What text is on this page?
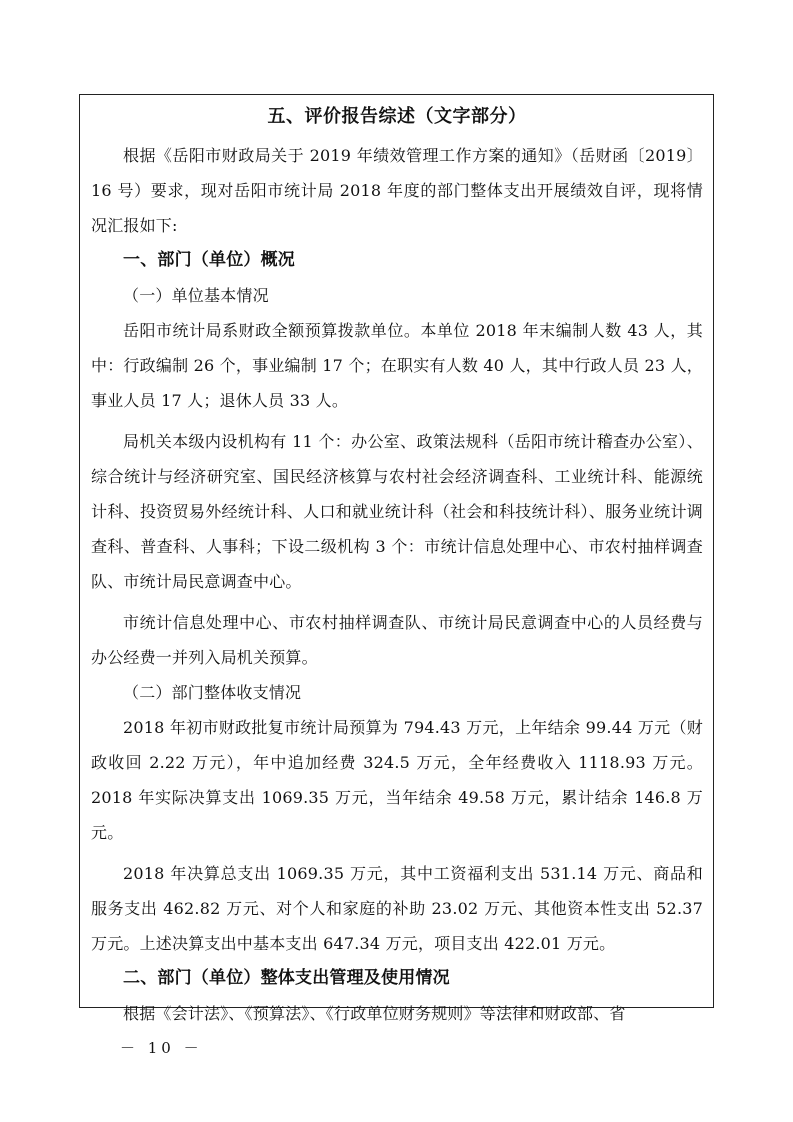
五、评价报告综述（文字部分）

根据《岳阳市财政局关于 2019 年绩效管理工作方案的通知》（岳财函〔2019〕16 号）要求，现对岳阳市统计局 2018 年度的部门整体支出开展绩效自评，现将情况汇报如下:

一、部门（单位）概况

（一）单位基本情况

岳阳市统计局系财政全额预算拨款单位。本单位 2018 年末编制人数 43 人，其中：行政编制 26 个，事业编制 17 个；在职实有人数 40 人，其中行政人员 23 人，事业人员 17 人；退休人员 33 人。

局机关本级内设机构有 11 个：办公室、政策法规科（岳阳市统计稽查办公室）、综合统计与经济研究室、国民经济核算与农村社会经济调查科、工业统计科、能源统计科、投资贸易外经统计科、人口和就业统计科（社会和科技统计科）、服务业统计调查科、普查科、人事科；下设二级机构 3 个：市统计信息处理中心、市农村抽样调查队、市统计局民意调查中心。

市统计信息处理中心、市农村抽样调查队、市统计局民意调查中心的人员经费与办公经费一并列入局机关预算。

（二）部门整体收支情况

2018 年初市财政批复市统计局预算为 794.43 万元，上年结余 99.44 万元（财政收回 2.22 万元），年中追加经费 324.5 万元，全年经费收入 1118.93 万元。2018 年实际决算支出 1069.35 万元，当年结余 49.58 万元，累计结余 146.8 万元。

2018 年决算总支出 1069.35 万元，其中工资福利支出 531.14 万元、商品和服务支出 462.82 万元、对个人和家庭的补助 23.02 万元、其他资本性支出 52.37 万元。上述决算支出中基本支出 647.34 万元，项目支出 422.01 万元。

二、部门（单位）整体支出管理及使用情况

根据《会计法》、《预算法》、《行政单位财务规则》等法律和财政部、省

－ 10 －
